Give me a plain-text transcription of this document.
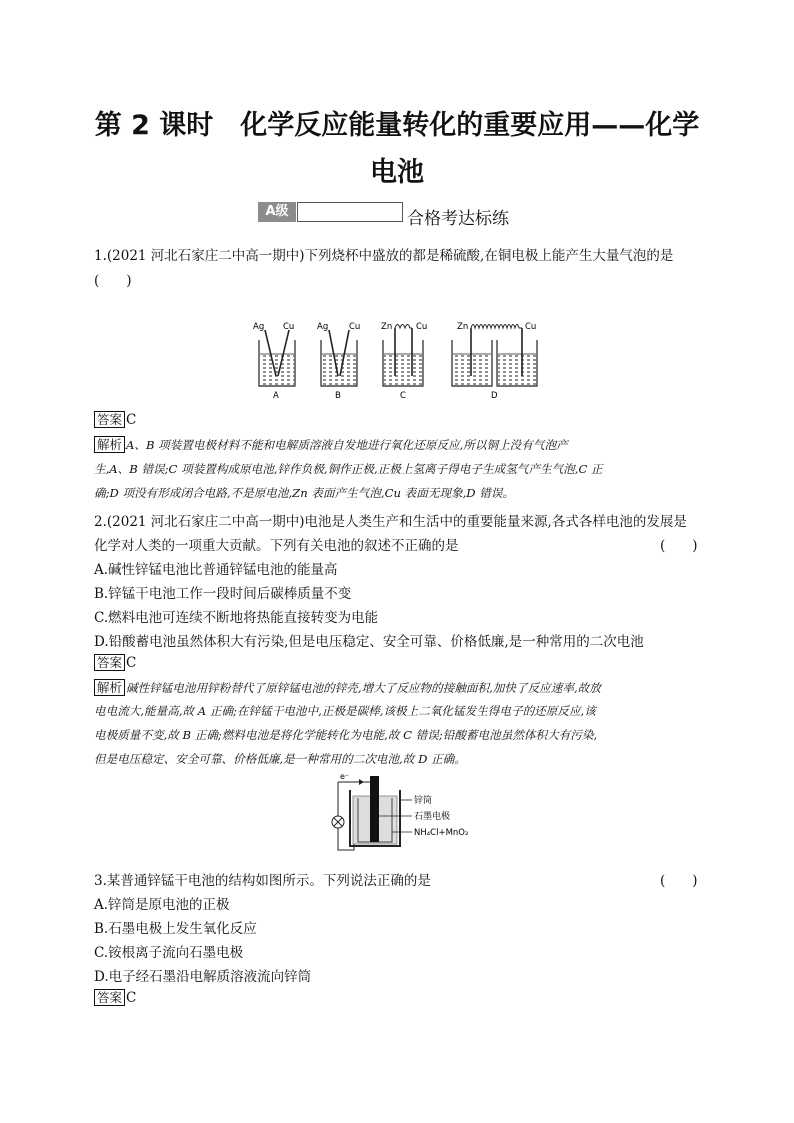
第 2 课时　化学反应能量转化的重要应用——化学
电池
A级	合格考达标练
1.(2021 河北石家庄二中高一期中)下列烧杯中盛放的都是稀硫酸,在铜电极上能产生大量气泡的是
(　　)
Ag Cu
A
Ag Cu
B
Zn	Cu
C
Zn	Cu
D
答案 C
解析 A、B 项装置电极材料不能和电解质溶液自发地进行氧化还原反应,所以铜上没有气泡产
生,A、B 错误;C 项装置构成原电池,锌作负极,铜作正极,正极上氢离子得电子生成氢气产生气泡,C 正
确;D 项没有形成闭合电路,不是原电池,Zn 表面产生气泡,Cu 表面无现象,D 错误。
2.(2021 河北石家庄二中高一期中)电池是人类生产和生活中的重要能量来源,各式各样电池的发展是
化学对人类的一项重大贡献。下列有关电池的叙述不正确的是	(　　)
A.碱性锌锰电池比普通锌锰电池的能量高
B.锌锰干电池工作一段时间后碳棒质量不变
C.燃料电池可连续不断地将热能直接转变为电能
D.铅酸蓄电池虽然体积大有污染,但是电压稳定、安全可靠、价格低廉,是一种常用的二次电池
答案 C
解析 碱性锌锰电池用锌粉替代了原锌锰电池的锌壳,增大了反应物的接触面积,加快了反应速率,故放
电电流大,能量高,故 A 正确;在锌锰干电池中,正极是碳棒,该极上二氧化锰发生得电子的还原反应,该
电极质量不变,故 B 正确;燃料电池是将化学能转化为电能,故 C 错误;铅酸蓄电池虽然体积大有污染,
但是电压稳定、安全可靠、价格低廉,是一种常用的二次电池,故 D 正确。
e⁻
锌筒
石墨电极
NH₄Cl+MnO₂
3.某普通锌锰干电池的结构如图所示。下列说法正确的是	(　　)
A.锌筒是原电池的正极
B.石墨电极上发生氧化反应
C.铵根离子流向石墨电极
D.电子经石墨沿电解质溶液流向锌筒
答案 C
